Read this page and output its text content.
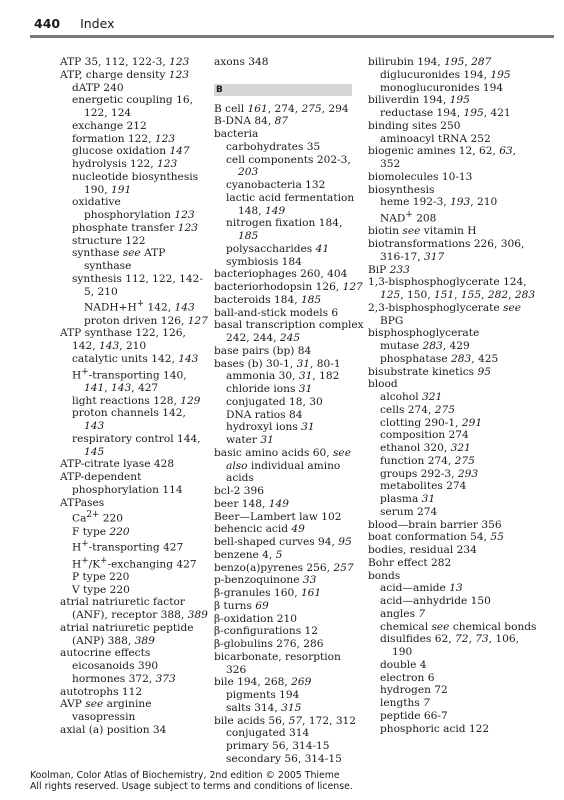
440 Index
ATP 35, 112, 122-3, 123
ATP, charge density 123
dATP 240
energetic coupling 16, 122, 124
exchange 212
formation 122, 123
glucose oxidation 147
hydrolysis 122, 123
nucleotide biosynthesis 190, 191
oxidative phosphorylation 123
phosphate transfer 123
structure 122
synthase see ATP synthase
synthesis 112, 122, 142-5, 210
NADH+H+ 142, 143
proton driven 126, 127
ATP synthase 122, 126, 142, 143, 210
catalytic units 142, 143
H+-transporting 140, 141, 143, 427
light reactions 128, 129
proton channels 142, 143
respiratory control 144, 145
ATP-citrate lyase 428
ATP-dependent phosphorylation 114
ATPases
$Ca^{2+}$ 220
F type 220
H+-transporting 427
H+/K+-exchanging 427
P type 220
V type 220
atrial natriuretic factor (ANF), receptor 388, 389
atrial natriuretic peptide (ANP) 388, 389
autocrine effects
eicosanoids 390
hormones 372, 373
autotrophs 112
AVP see arginine vasopressin
axial (a) position 34
axons 348
B
B cell 161, 274, 275, 294
B-DNA 84, 87
bacteria
carbohydrates 35
cell components 202-3, 203
cyanobacteria 132
lactic acid fermentation 148, 149
nitrogen fixation 184, 185
polysaccharides 41
symbiosis 184
bacteriophages 260, 404
bacteriorhodopsin 126, 127
bacteroids 184, 185
ball-and-stick models 6
basal transcription complex 242, 244, 245
base pairs (bp) 84
bases (b) 30-1, 31, 80-1
ammonia 30, 31, 182
chloride ions 31
conjugated 18, 30
DNA ratios 84
hydroxyl ions 31
water 31
basic amino acids 60, see also individual amino acids
bcl-2 396
beer 148, 149
Beer—Lambert law 102
behencic acid 49
bell-shaped curves 94, 95
benzene 4, 5
benzo(a)pyrenes 256, 257
p-benzoquinone 33
β-granules 160, 161
β turns 69
β-oxidation 210
β-configurations 12
β-globulins 276, 286
bicarbonate, resorption 326
bile 194, 268, 269
pigments 194
salts 314, 315
bile acids 56, 57, 172, 312
conjugated 314
primary 56, 314-15
secondary 56, 314-15
bilirubin 194, 195, 287
diglucuronides 194, 195
monoglucuronides 194
biliverdin 194, 195
reductase 194, 195, 421
binding sites 250
aminoacyl tRNA 252
biogenic amines 12, 62, 63, 352
biomolecules 10-13
biosynthesis
heme 192-3, 193, 210
NAD+ 208
biotin see vitamin H
biotransformations 226, 306, 316-17, 317
BiP 233
1,3-bisphosphoglycerate 124, 125, 150, 151, 155, 282, 283
2,3-bisphosphoglycerate see BPG
bisphosphoglycerate
mutase 283, 429
phosphatase 283, 425
bisubstrate kinetics 95
blood
alcohol 321
cells 274, 275
clotting 290-1, 291
composition 274
ethanol 320, 321
function 274, 275
groups 292-3, 293
metabolites 274
plasma 31
serum 274
blood—brain barrier 356
boat conformation 54, 55
bodies, residual 234
Bohr effect 282
bonds
acid—amide 13
acid—anhydride 150
angles 7
chemical see chemical bonds
disulfides 62, 72, 73, 106, 190
double 4
electron 6
hydrogen 72
lengths 7
peptide 66-7
phosphoric acid 122
Koolman, Color Atlas of Biochemistry, 2nd edition © 2005 Thieme
All rights reserved. Usage subject to terms and conditions of license.
